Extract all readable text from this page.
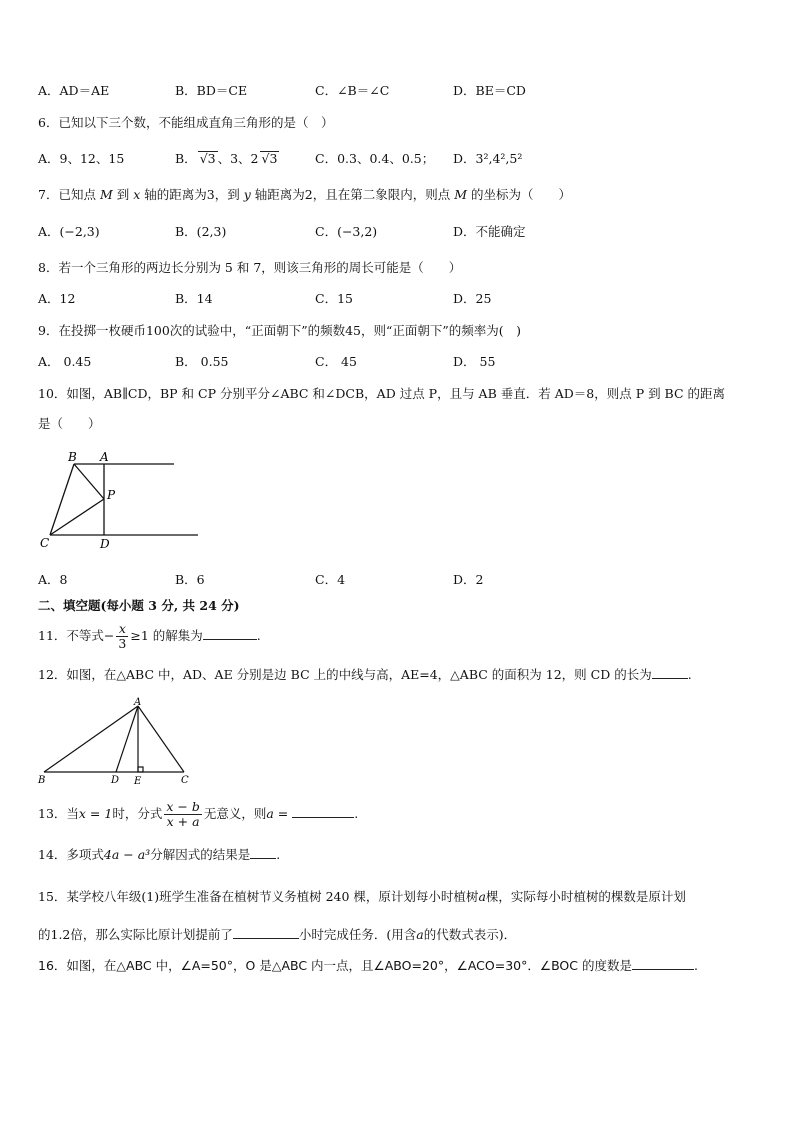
A．AD＝AE	B．BD＝CE	C．∠B＝∠C	D．BE＝CD
6．已知以下三个数，不能组成直角三角形的是（　）
A．9、12、15	B． √3 、3、2 √3	C．0.3、0.4、0.5； D．3²,4²,5²
7．已知点 M 到 x 轴的距离为3，到 y 轴距离为2，且在第二象限内，则点 M 的坐标为（　　）
A．(−2,3)	B．(2,3)	C．(−3,2)	D．不能确定
8．若一个三角形的两边长分别为 5 和 7，则该三角形的周长可能是（　　）
A．12	B．14	C．15	D．25
9．在投掷一枚硬币100次的试验中，“正面朝下”的频数45，则“正面朝下”的频率为(　)
A． 0.45	B． 0.55	C． 45	D． 55
10．如图，AB∥CD，BP 和 CP 分别平分∠ABC 和∠DCB，AD 过点 P，且与 AB 垂直．若 AD＝8，则点 P 到 BC 的距离
是（　　）
B A
P
C	D
A．8	B．6	C．4	D．2
二、填空题(每小题 3 分, 共 24 分)
11．不等式− $\frac{x}{3} \ge 1$ 的解集为	.
12．如图，在△ABC 中，AD、AE 分别是边 BC 上的中线与高，AE=4，△ABC 的面积为 12，则 CD 的长为	.
A
B	D E	C
13．当x = 1时，分式 $\frac{x - b}{x + a}$ 无意义，则a =	.
14．多项式4a − a³分解因式的结果是 .
15．某学校八年级(1)班学生准备在植树节义务植树 240 棵，原计划每小时植树a棵，实际每小时植树的棵数是原计划
的1.2倍，那么实际比原计划提前了	小时完成任务．(用含a的代数式表示)．
16．如图，在△ABC 中，∠A=50°，O 是△ABC 内一点，且∠ABO=20°，∠ACO=30°．∠BOC 的度数是	.
